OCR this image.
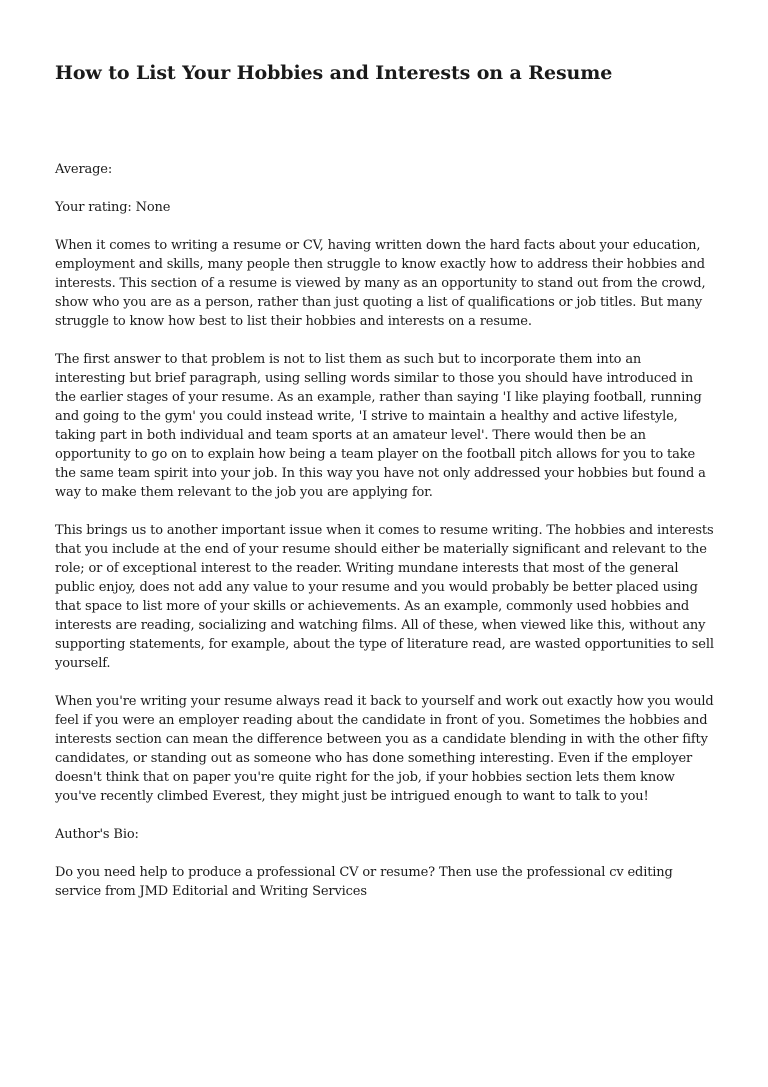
How to List Your Hobbies and Interests on a Resume

Average:

Your rating: None

When it comes to writing a resume or CV, having written down the hard facts about your education, employment and skills, many people then struggle to know exactly how to address their hobbies and interests. This section of a resume is viewed by many as an opportunity to stand out from the crowd, show who you are as a person, rather than just quoting a list of qualifications or job titles. But many struggle to know how best to list their hobbies and interests on a resume.

The first answer to that problem is not to list them as such but to incorporate them into an interesting but brief paragraph, using selling words similar to those you should have introduced in the earlier stages of your resume. As an example, rather than saying 'I like playing football, running and going to the gym' you could instead write, 'I strive to maintain a healthy and active lifestyle, taking part in both individual and team sports at an amateur level'. There would then be an opportunity to go on to explain how being a team player on the football pitch allows for you to take the same team spirit into your job. In this way you have not only addressed your hobbies but found a way to make them relevant to the job you are applying for.

This brings us to another important issue when it comes to resume writing. The hobbies and interests that you include at the end of your resume should either be materially significant and relevant to the role; or of exceptional interest to the reader. Writing mundane interests that most of the general public enjoy, does not add any value to your resume and you would probably be better placed using that space to list more of your skills or achievements. As an example, commonly used hobbies and interests are reading, socializing and watching films. All of these, when viewed like this, without any supporting statements, for example, about the type of literature read, are wasted opportunities to sell yourself.

When you're writing your resume always read it back to yourself and work out exactly how you would feel if you were an employer reading about the candidate in front of you. Sometimes the hobbies and interests section can mean the difference between you as a candidate blending in with the other fifty candidates, or standing out as someone who has done something interesting. Even if the employer doesn't think that on paper you're quite right for the job, if your hobbies section lets them know you've recently climbed Everest, they might just be intrigued enough to want to talk to you!

Author's Bio:

Do you need help to produce a professional CV or resume? Then use the professional cv editing service from JMD Editorial and Writing Services
